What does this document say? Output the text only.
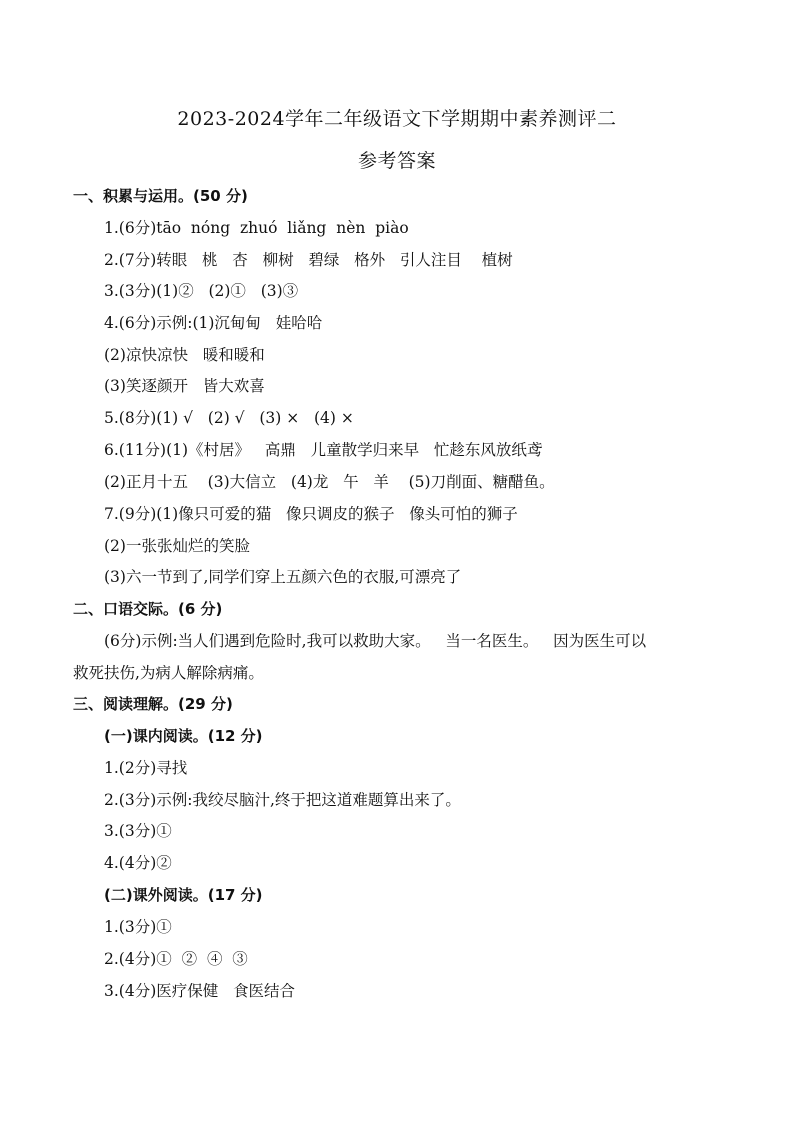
2023-2024学年二年级语文下学期期中素养测评二
参考答案
一、积累与运用。(50 分)
1.(6分)tāo  nóng  zhuó  liǎng  nèn  piào
2.(7分)转眼   桃   杏   柳树   碧绿   格外   引人注目    植树
3.(3分)(1)②   (2)①   (3)③
4.(6分)示例:(1)沉甸甸   娃哈哈
(2)凉快凉快   暖和暖和
(3)笑逐颜开   皆大欢喜
5.(8分)(1) √   (2) √   (3) ×   (4) ×
6.(11分)(1)《村居》   高鼎   儿童散学归来早   忙趁东风放纸鸢
(2)正月十五    (3)大信立   (4)龙   午   羊    (5)刀削面、糖醋鱼。
7.(9分)(1)像只可爱的猫   像只调皮的猴子   像头可怕的狮子
(2)一张张灿烂的笑脸
(3)六一节到了,同学们穿上五颜六色的衣服,可漂亮了
二、口语交际。(6 分)
(6分)示例:当人们遇到危险时,我可以救助大家。   当一名医生。   因为医生可以
救死扶伤,为病人解除病痛。
三、阅读理解。(29 分)
(一)课内阅读。(12 分)
1.(2分)寻找
2.(3分)示例:我绞尽脑汁,终于把这道难题算出来了。
3.(3分)①
4.(4分)②
(二)课外阅读。(17 分)
1.(3分)①
2.(4分)①  ②  ④  ③
3.(4分)医疗保健   食医结合
